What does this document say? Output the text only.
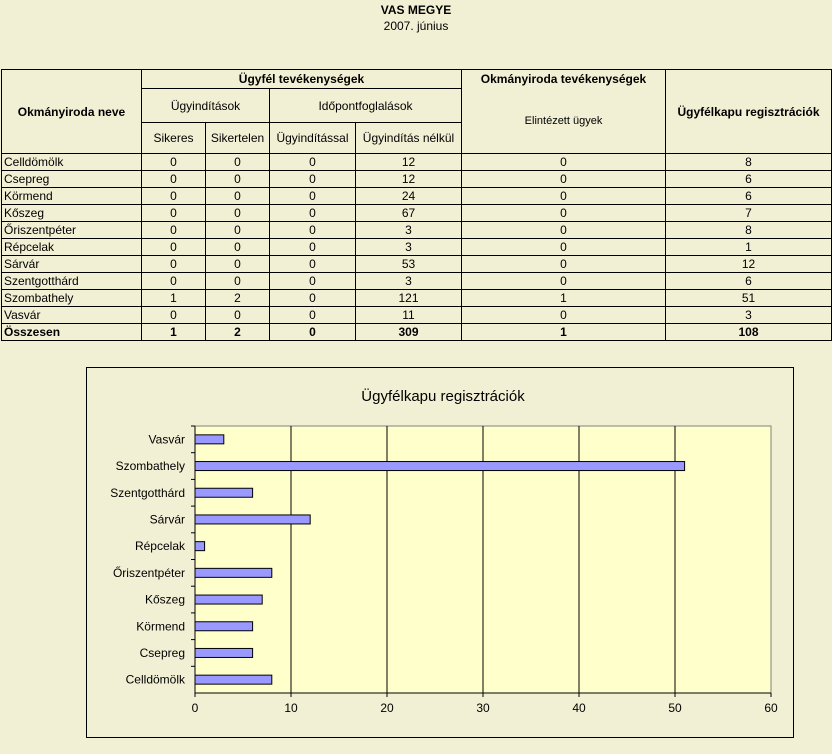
VAS MEGYE
2007. június
Okmányiroda neve	Ügyfél tevékenységek				Okmányiroda tevékenységek	Ügyfélkapu regisztrációk
	Ügyindítások		Időpontfoglalások		Elintézett ügyek	
	Sikeres	Sikertelen	Ügyindítással	Ügyindítás nélkül		
Celldömölk	0	0	0	12	0	8
Csepreg	0	0	0	12	0	6
Körmend	0	0	0	24	0	6
Kőszeg	0	0	0	67	0	7
Őriszentpéter	0	0	0	3	0	8
Répcelak	0	0	0	3	0	1
Sárvár	0	0	0	53	0	12
Szentgotthárd	0	0	0	3	0	6
Szombathely	1	2	0	121	1	51
Vasvár	0	0	0	11	0	3
Összesen	1	2	0	309	1	108
Ügyfélkapu regisztrációk
0	10	20	30	40	50	60
Vasvár
Szombathely
Szentgotthárd
Sárvár
Répcelak
Őriszentpéter
Kőszeg
Körmend
Csepreg
Celldömölk
